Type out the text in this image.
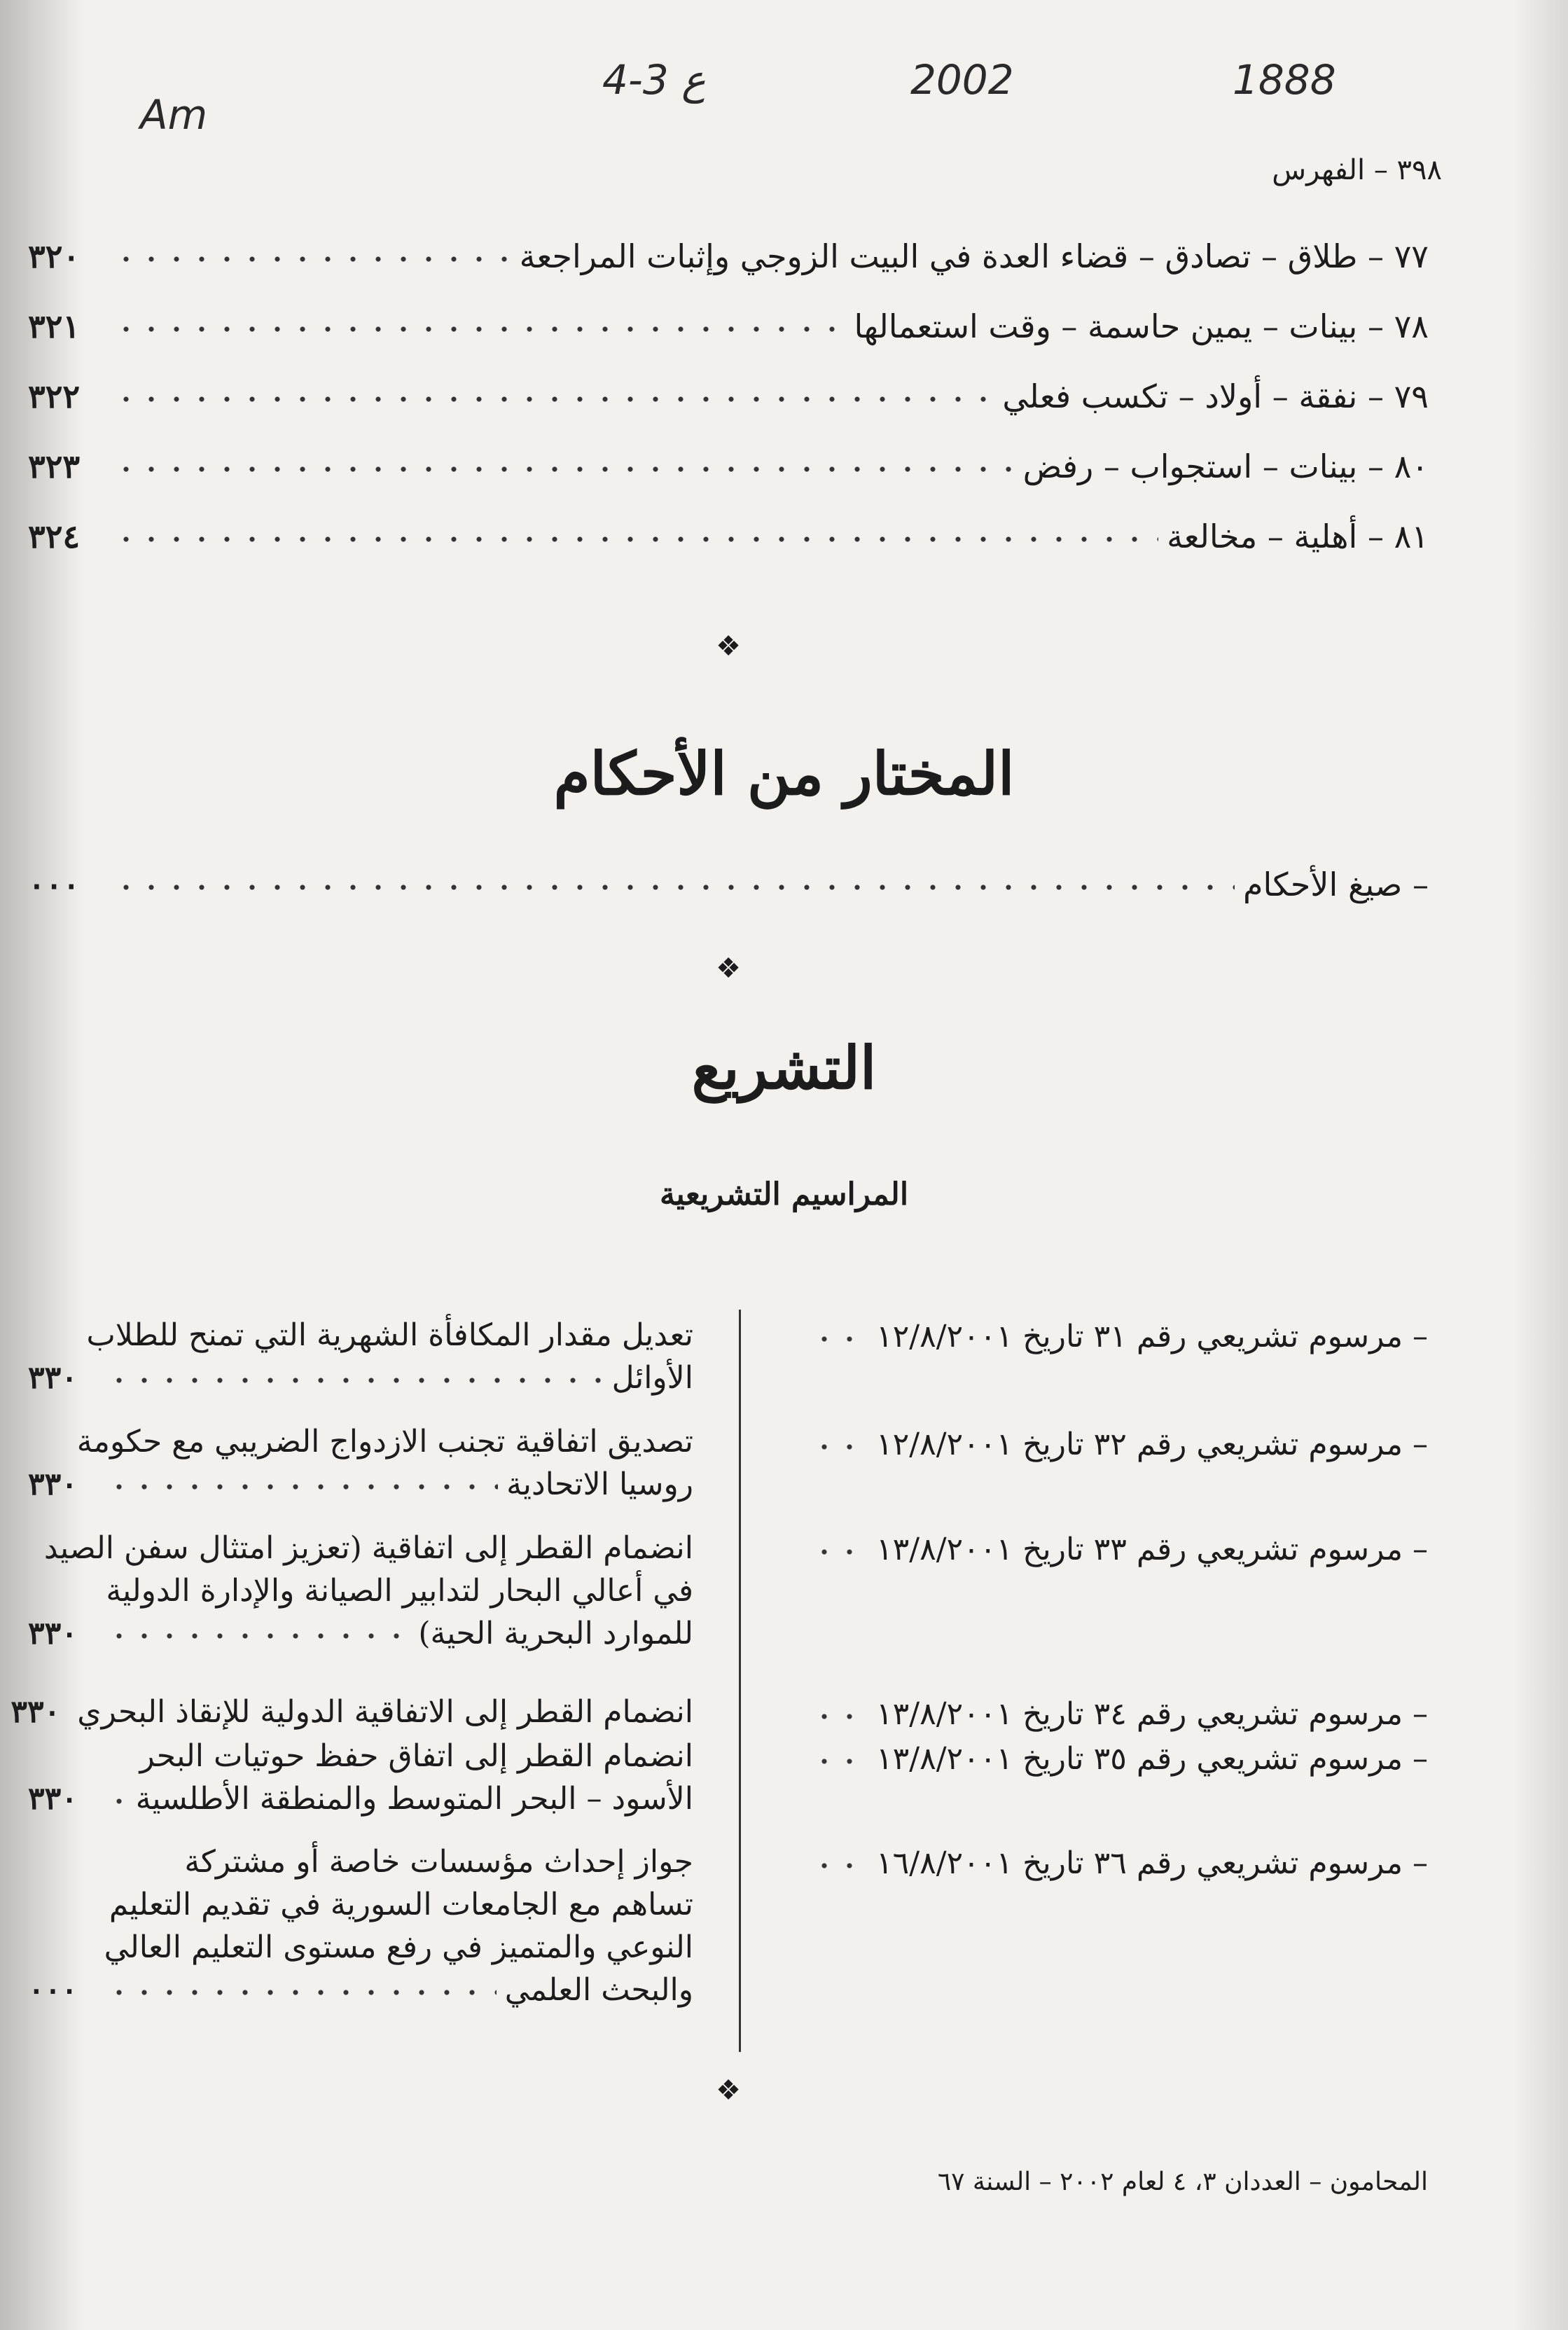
1888
2002
ع 3-4
Am
٣٩٨ – الفهرس
٧٧ – طلاق – تصادق – قضاء العدة في البيت الزوجي وإثبات المراجعة
٣٢٠
٧٨ – بينات – يمين حاسمة – وقت استعمالها
٣٢١
٧٩ – نفقة – أولاد – تكسب فعلي
٣٢٢
٨٠ – بينات – استجواب – رفض
٣٢٣
٨١ – أهلية – مخالعة
٣٢٤
❖
المختار من الأحكام
– صيغ الأحكام
٠٠٠
❖
التشريع
المراسيم التشريعية
– مرسوم تشريعي رقم ٣١ تاريخ ١٢/٨/٢٠٠١
– مرسوم تشريعي رقم ٣٢ تاريخ ١٢/٨/٢٠٠١
– مرسوم تشريعي رقم ٣٣ تاريخ ١٣/٨/٢٠٠١
– مرسوم تشريعي رقم ٣٤ تاريخ ١٣/٨/٢٠٠١
– مرسوم تشريعي رقم ٣٥ تاريخ ١٣/٨/٢٠٠١
– مرسوم تشريعي رقم ٣٦ تاريخ ١٦/٨/٢٠٠١
تعديل مقدار المكافأة الشهرية التي تمنح للطلاب
الأوائل
٣٣٠
تصديق اتفاقية تجنب الازدواج الضريبي مع حكومة
روسيا الاتحادية
٣٣٠
انضمام القطر إلى اتفاقية (تعزيز امتثال سفن الصيد
في أعالي البحار لتدابير الصيانة والإدارة الدولية
للموارد البحرية الحية)
٣٣٠
انضمام القطر إلى الاتفاقية الدولية للإنقاذ البحري
٣٣٠
انضمام القطر إلى اتفاق حفظ حوتيات البحر
الأسود – البحر المتوسط والمنطقة الأطلسية
٣٣٠
جواز إحداث مؤسسات خاصة أو مشتركة
تساهم مع الجامعات السورية في تقديم التعليم
النوعي والمتميز في رفع مستوى التعليم العالي
والبحث العلمي
٠٠٠
❖
المحامون – العددان ٣، ٤ لعام ٢٠٠٢ – السنة ٦٧
